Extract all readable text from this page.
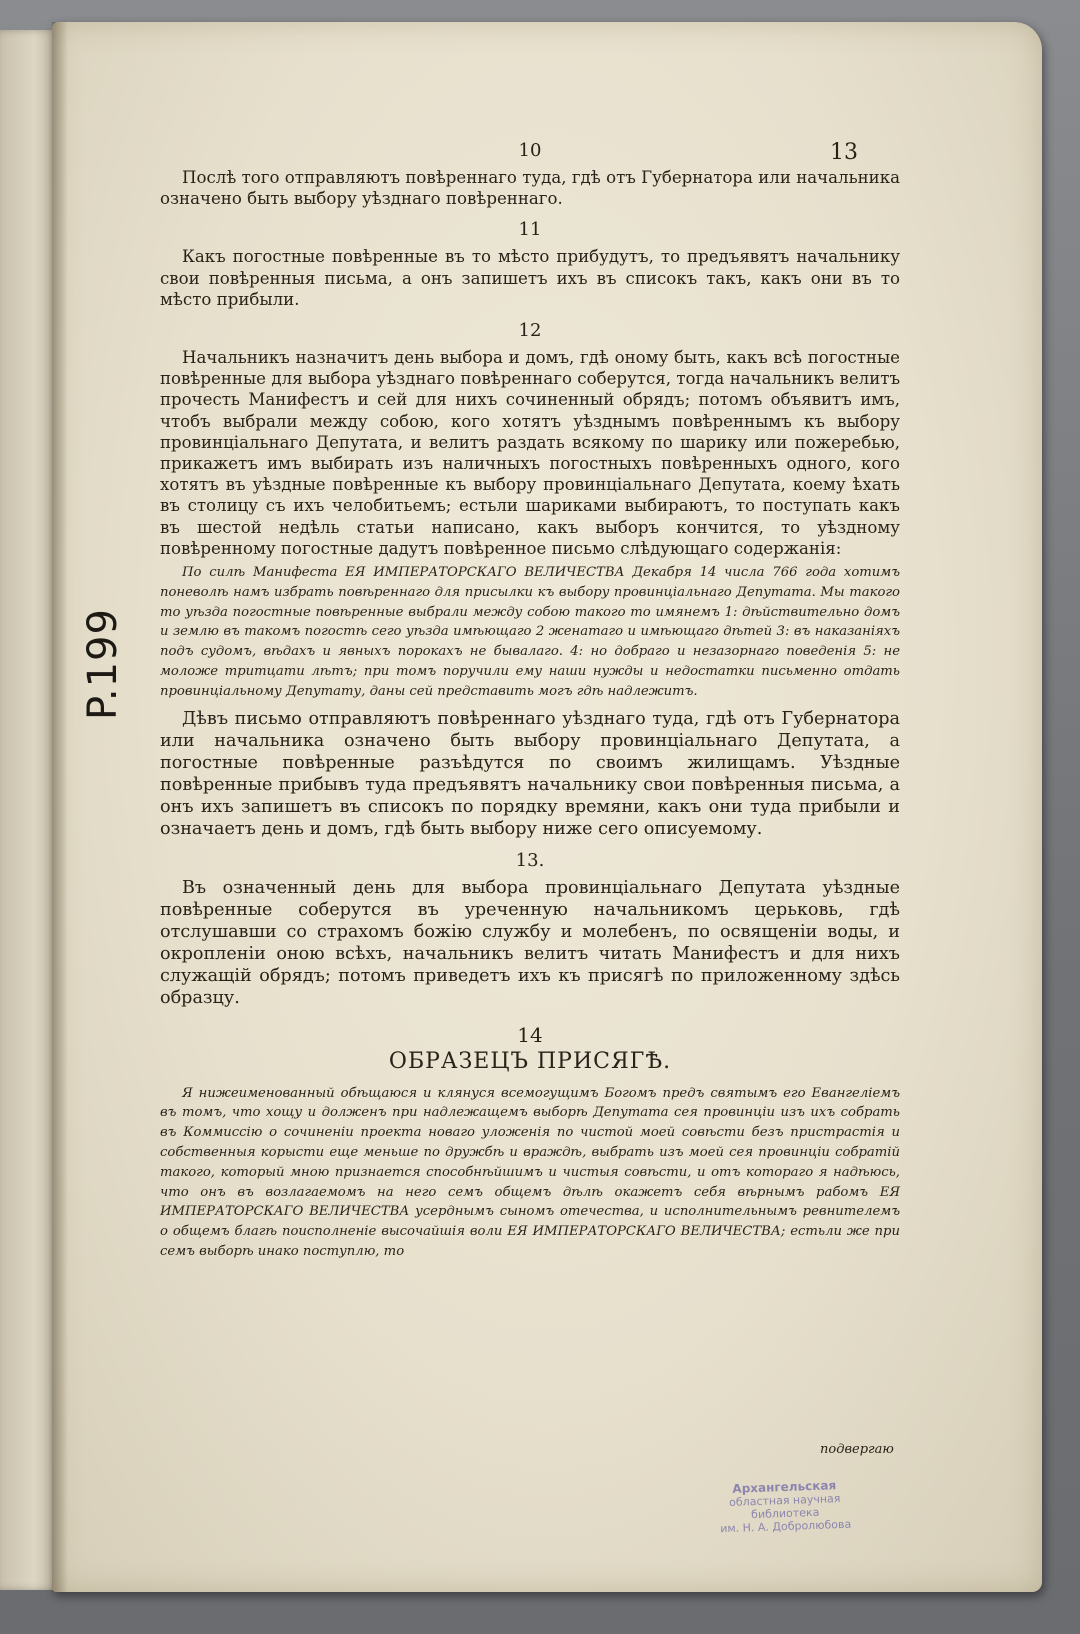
13
P.199
10

Послѣ того отправляютъ повѣреннаго туда, гдѣ отъ Губернатора или начальника означено быть выбору уѣзднаго повѣреннаго.

11

Какъ погостные повѣренные въ то мѣсто прибудутъ, то предъявятъ начальнику свои повѣренныя письма, а онъ запишетъ ихъ въ списокъ такъ, какъ они въ то мѣсто прибыли.

12

Начальникъ назначитъ день выбора и домъ, гдѣ оному быть, какъ всѣ погостные повѣренные для выбора уѣзднаго повѣреннаго соберутся, тогда начальникъ велитъ прочесть Манифестъ и сей для нихъ сочиненный обрядъ; потомъ объявитъ имъ, чтобъ выбрали между собою, кого хотятъ уѣзднымъ повѣреннымъ къ выбору провинціальнаго Депутата, и велитъ раздать всякому по шарику или пожеребью, прикажетъ имъ выбирать изъ наличныхъ погостныхъ повѣренныхъ одного, кого хотятъ въ уѣздные повѣренные къ выбору провинціальнаго Депутата, коему ѣхать въ столицу съ ихъ челобитьемъ; естьли шариками выбираютъ, то поступать какъ въ шестой недѣль статьи написано, какъ выборъ кончится, то уѣздному повѣренному погостные дадутъ повѣренное письмо слѣдующаго содержанія:

По силѣ Манифеста ЕЯ ИМПЕРАТОРСКАГО ВЕЛИЧЕСТВА Декабря 14 числа 766 года хотимъ поневолѣ намъ избрать повѣреннаго для присылки къ выбору провинціальнаго Депутата. Мы такого то уѣзда погостные повѣренные выбрали между собою такого то имянемъ 1: дѣйствительно домъ и землю въ такомъ погостѣ сего уѣзда имѣющаго 2 женатаго и имѣющаго дѣтей 3: въ наказаніяхъ подъ судомъ, вѣдахъ и явныхъ порокахъ не бывалаго. 4: но добраго и незазорнаго поведенія 5: не моложе тритцати лѣтъ; при томъ поручили ему наши нужды и недостатки письменно отдать провинціальному Депутату, даны сей представить могъ гдѣ надлежитъ.

Дѣвъ письмо отправляютъ повѣреннаго уѣзднаго туда, гдѣ отъ Губернатора или начальника означено быть выбору провинціальнаго Депутата, а погостные повѣренные разъѣдутся по своимъ жилищамъ. Уѣздные повѣренные прибывъ туда предъявятъ начальнику свои повѣренныя письма, а онъ ихъ запишетъ въ списокъ по порядку времяни, какъ они туда прибыли и означаетъ день и домъ, гдѣ быть выбору ниже сего описуемому.

13.

Въ означенный день для выбора провинціальнаго Депутата уѣздные повѣренные соберутся въ уреченную начальникомъ церьковь, гдѣ отслушавши со страхомъ божію службу и молебенъ, по освященіи воды, и окропленіи оною всѣхъ, начальникъ велитъ читать Манифестъ и для нихъ служащій обрядъ; потомъ приведетъ ихъ къ присягѣ по приложенному здѣсь образцу.

14
ОБРАЗЕЦЪ ПРИСЯГѢ.

Я нижеименованный обѣщаюся и клянуся всемогущимъ Богомъ предъ святымъ его Евангеліемъ въ томъ, что хощу и долженъ при надлежащемъ выборѣ Депутата сея провинціи изъ ихъ собрать въ Коммиссію о сочиненіи проекта новаго уложенія по чистой моей совѣсти безъ пристрастія и собственныя корысти еще меньше по дружбѣ и враждѣ, выбрать изъ моей сея провинціи собратій такого, который мною признается способнѣйшимъ и чистыя совѣсти, и отъ котораго я надѣюсь, что онъ въ возлагаемомъ на него семъ общемъ дѣлѣ окажетъ себя вѣрнымъ рабомъ ЕЯ ИМПЕРАТОРСКАГО ВЕЛИЧЕСТВА усерднымъ сыномъ отечества, и исполнительнымъ ревнителемъ о общемъ благѣ поисполненіе высочайшія воли ЕЯ ИМПЕРАТОРСКАГО ВЕЛИЧЕСТВА; естьли же при семъ выборѣ инако поступлю, то

подвергаю
Архангельская
областная научная
библиотека
им. Н. А. Добролюбова
